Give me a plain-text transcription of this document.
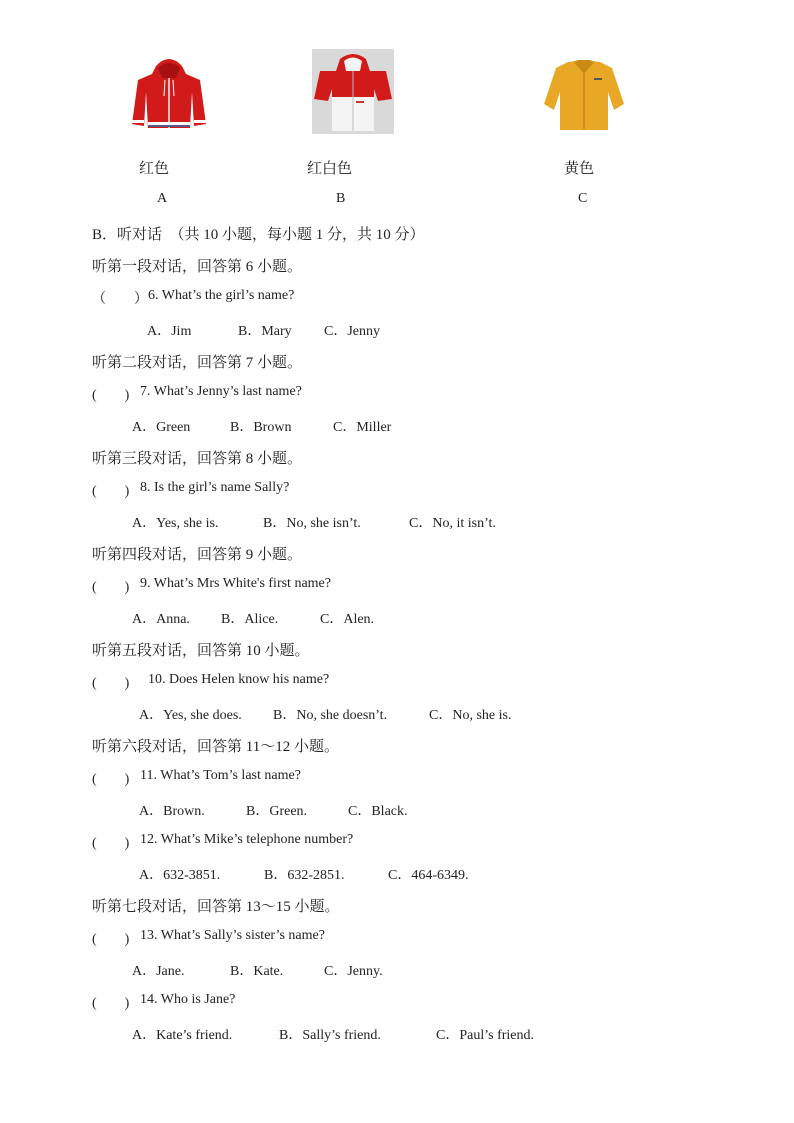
红色	红白色	黄色
A	B	C
B．听对话　（共 10 小题，每小题 1 分，共 10 分）
听第一段对话，回答第 6 小题。
（　　） 6. What’s the girl’s name?
A．Jim	B．Mary C．Jenny
听第二段对话，回答第 7 小题。
(　　) 7. What’s Jenny’s last name?
A．Green	B．Brown	C．Miller
听第三段对话，回答第 8 小题。
(　　) 8. Is the girl’s name Sally?
A．Yes, she is.	B．No, she isn’t.	C．No, it isn’t.
听第四段对话，回答第 9 小题。
(　　) 9. What’s Mrs White's first name?
A．Anna. B．Alice.	C．Alen.
听第五段对话，回答第 10 小题。
(　　) 10. Does Helen know his name?
A．Yes, she does. B．No, she doesn’t.	C．No, she is.
听第六段对话，回答第 11～12 小题。
(　　) 11. What’s Tom’s last name?
A．Brown.	B．Green.	C．Black.
(　　) 12. What’s Mike’s telephone number?
A．632-3851.	B．632-2851.	C．464-6349.
听第七段对话，回答第 13～15 小题。
(　　) 13. What’s Sally’s sister’s name?
A．Jane.	B．Kate.	C．Jenny.
(　　) 14. Who is Jane?
A．Kate’s friend.	B．Sally’s friend.	C．Paul’s friend.
